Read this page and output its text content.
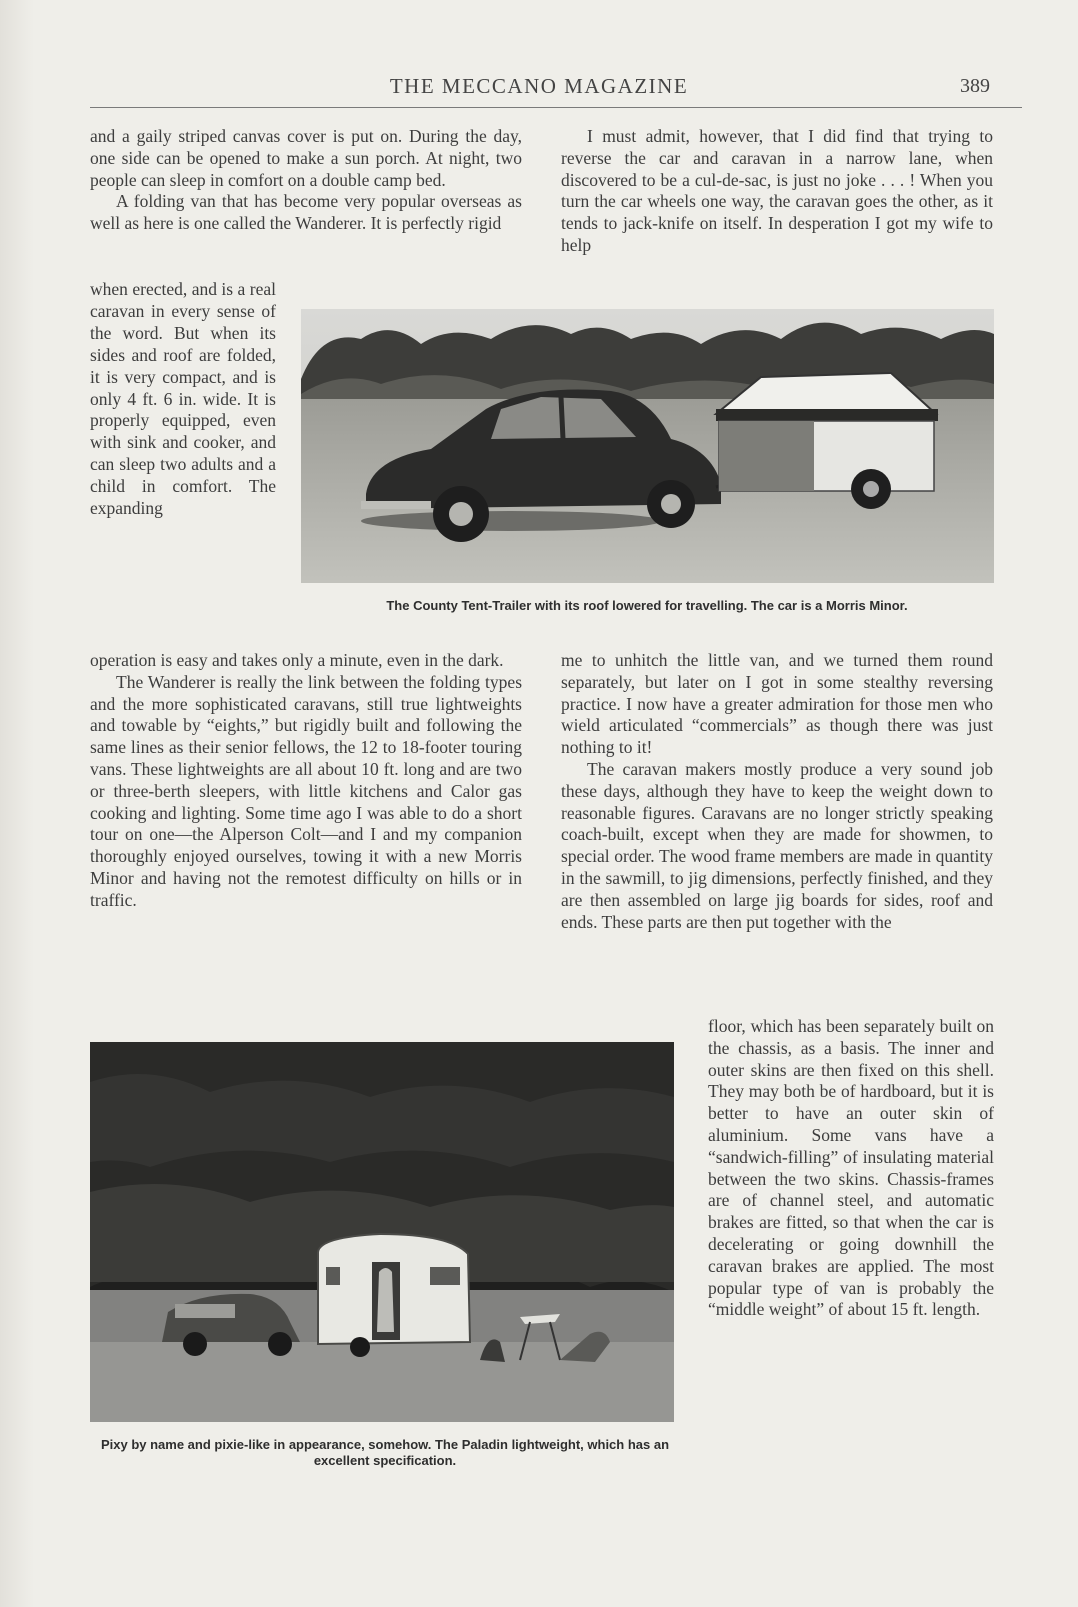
THE MECCANO MAGAZINE	389

and a gaily striped canvas cover is put on. During the day, one side can be opened to make a sun porch. At night, two people can sleep in comfort on a double camp bed.

A folding van that has become very popular overseas as well as here is one called the Wanderer. It is perfectly rigid

when erected, and is a real caravan in every sense of the word. But when its sides and roof are folded, it is very compact, and is only 4 ft. 6 in. wide. It is properly equipped, even with sink and cooker, and can sleep two adults and a child in comfort. The expanding

operation is easy and takes only a minute, even in the dark.

The Wanderer is really the link between the folding types and the more sophisticated caravans, still true lightweights and towable by “eights,” but rigidly built and following the same lines as their senior fellows, the 12 to 18-footer touring vans. These lightweights are all about 10 ft. long and are two or three-berth sleepers, with little kitchens and Calor gas cooking and lighting. Some time ago I was able to do a short tour on one—the Alperson Colt—and I and my companion thoroughly enjoyed ourselves, towing it with a new Morris Minor and having not the remotest difficulty on hills or in traffic.

I must admit, however, that I did find that trying to reverse the car and caravan in a narrow lane, when discovered to be a cul-de-sac, is just no joke . . . ! When you turn the car wheels one way, the caravan goes the other, as it tends to jack-knife on itself. In desperation I got my wife to help

me to unhitch the little van, and we turned them round separately, but later on I got in some stealthy reversing practice. I now have a greater admiration for those men who wield articulated “commercials” as though there was just nothing to it!

The caravan makers mostly produce a very sound job these days, although they have to keep the weight down to reasonable figures. Caravans are no longer strictly speaking coach-built, except when they are made for showmen, to special order. The wood frame members are made in quantity in the sawmill, to jig dimensions, perfectly finished, and they are then assembled on large jig boards for sides, roof and ends. These parts are then put together with the

floor, which has been separately built on the chassis, as a basis. The inner and outer skins are then fixed on this shell. They may both be of hardboard, but it is better to have an outer skin of aluminium. Some vans have a “sandwich-filling” of insulating material between the two skins. Chassis-frames are of channel steel, and automatic brakes are fitted, so that when the car is decelerating or going downhill the caravan brakes are applied. The most popular type of van is probably the “middle weight” of about 15 ft. length.

The County Tent-Trailer with its roof lowered for travelling. The car is a Morris Minor.
Pixy by name and pixie-like in appearance, somehow. The Paladin lightweight, which has an excellent specification.
